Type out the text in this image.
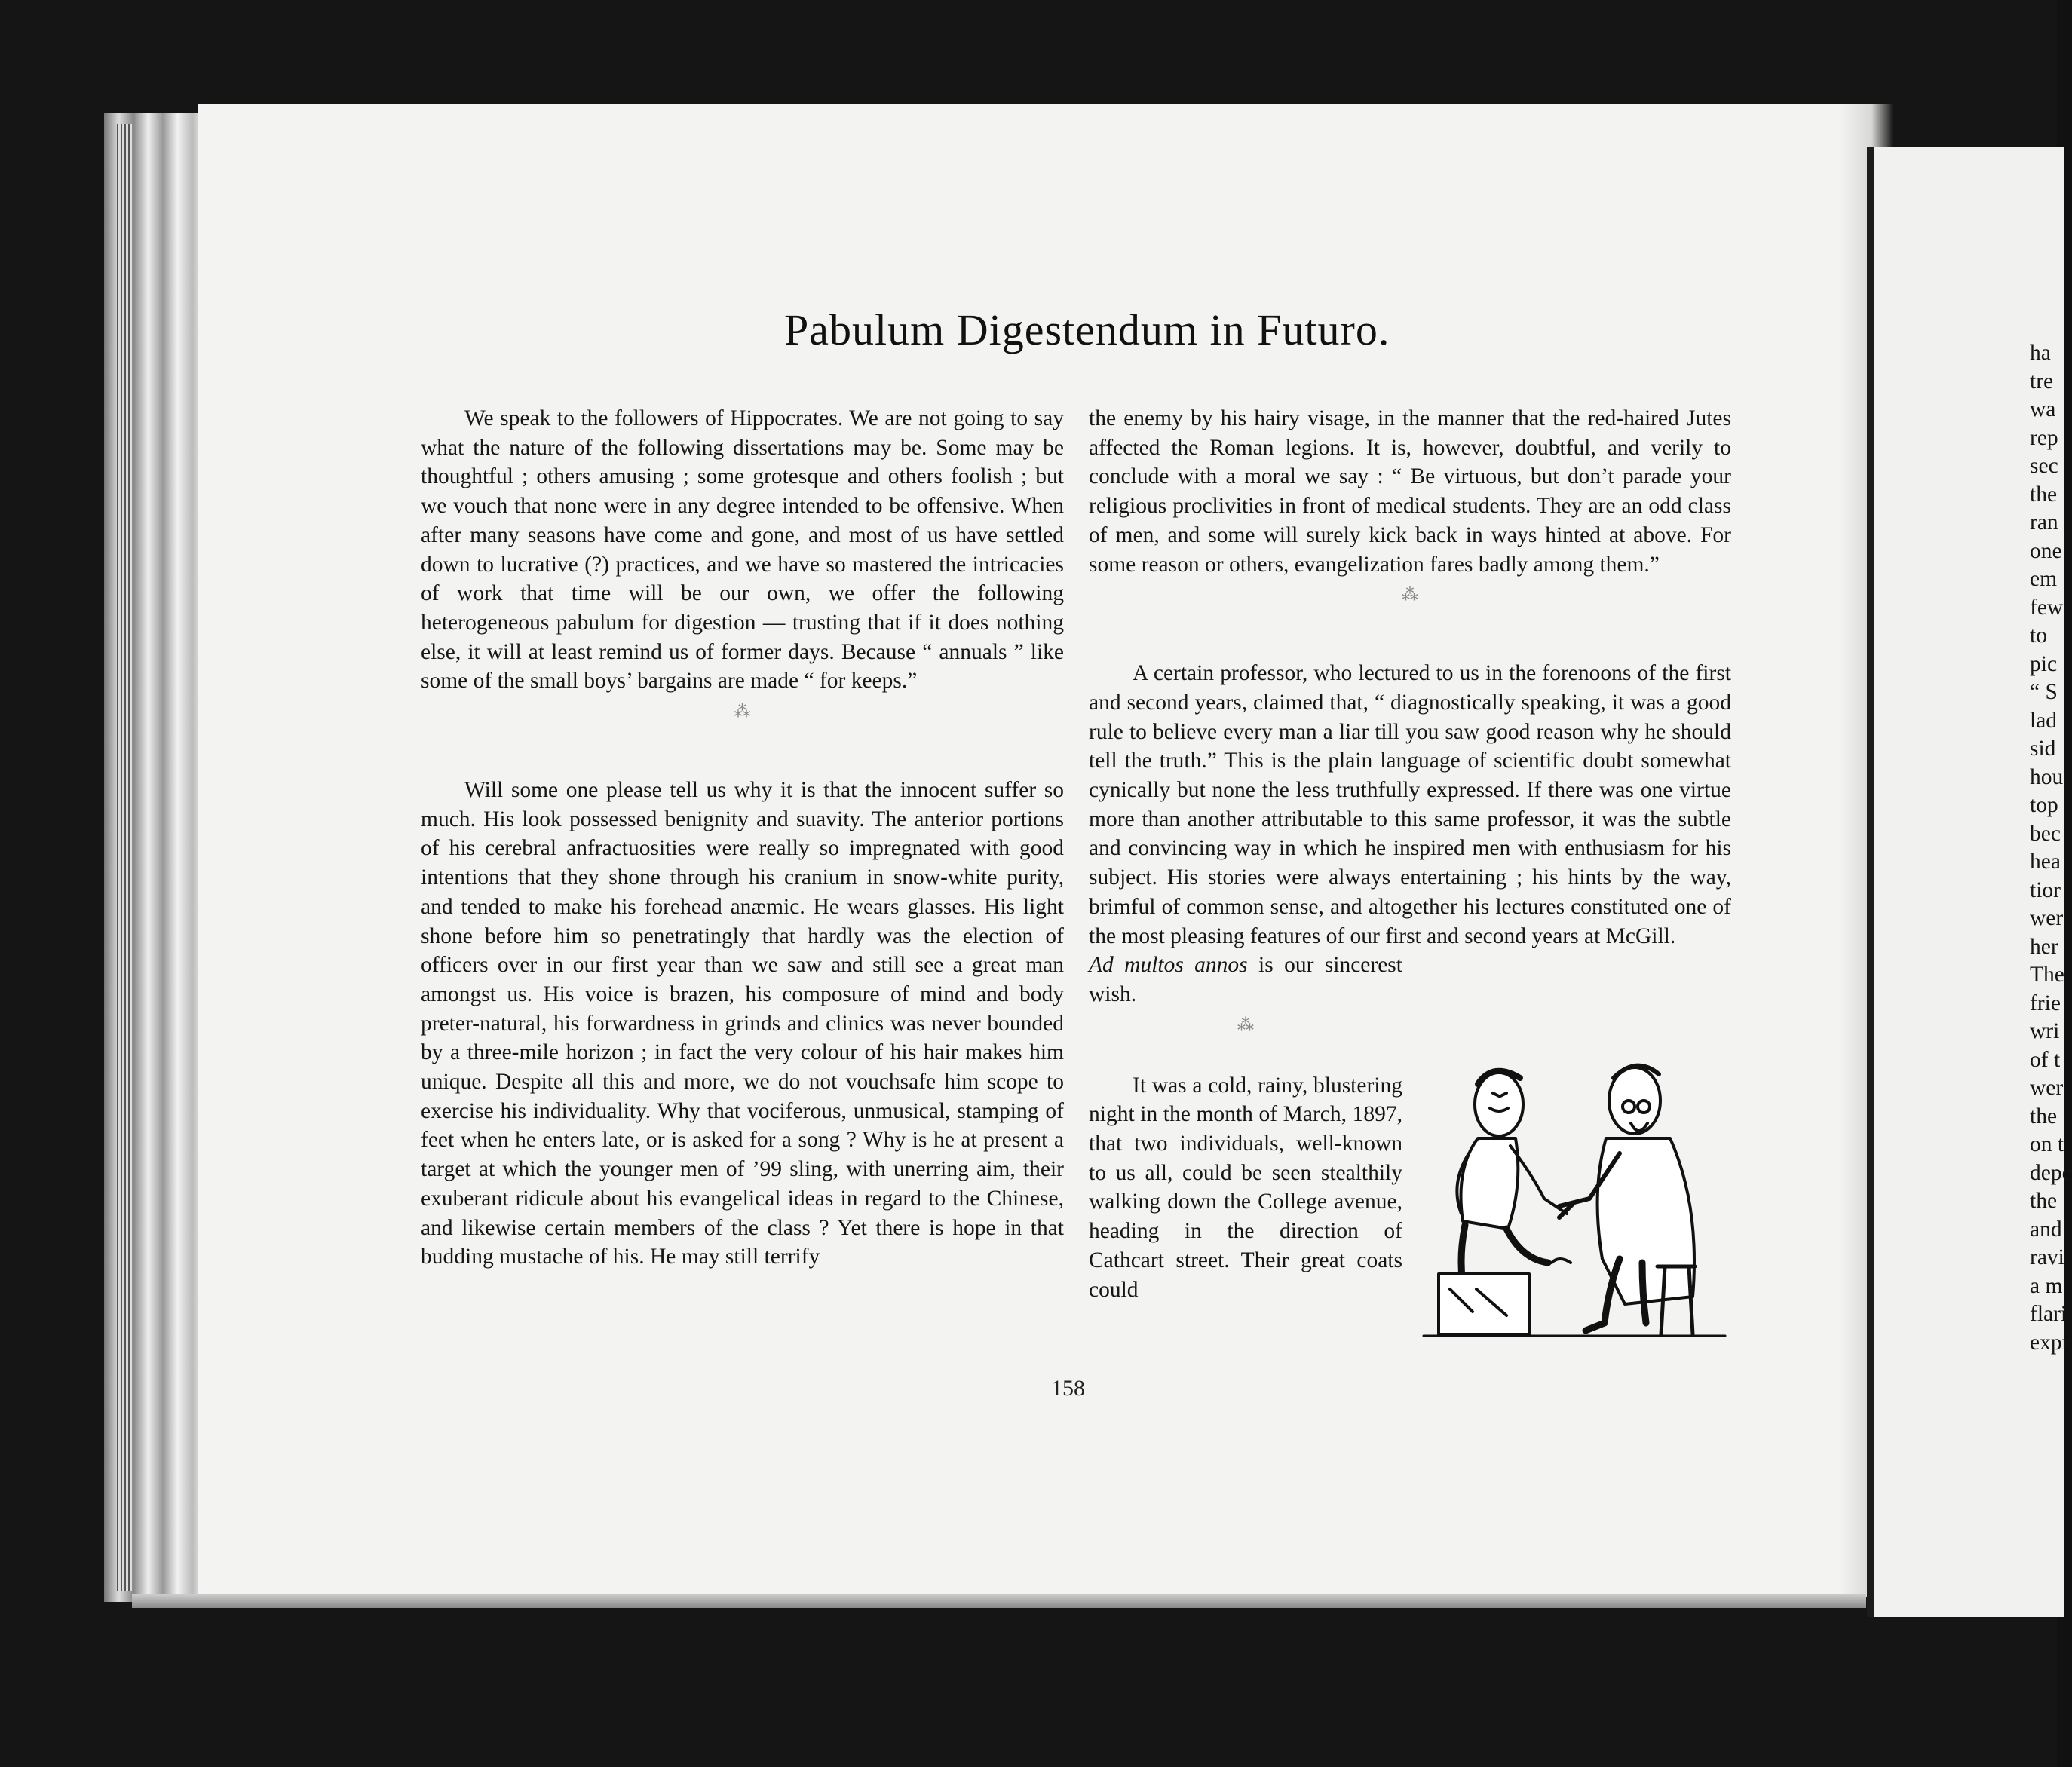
Pabulum Digestendum in Futuro.

We speak to the followers of Hippocrates. We are not going to say what the nature of the following dissertations may be. Some may be thoughtful ; others amusing ; some grotesque and others foolish ; but we vouch that none were in any degree intended to be offensive. When after many seasons have come and gone, and most of us have settled down to lucrative (?) practices, and we have so mastered the intricacies of work that time will be our own, we offer the following heterogeneous pabulum for digestion — trusting that if it does nothing else, it will at least remind us of former days. Because “ annuals ” like some of the small boys’ bargains are made “ for keeps.”

⁂

Will some one please tell us why it is that the innocent suffer so much. His look possessed benignity and suavity. The anterior portions of his cerebral anfractuosities were really so impregnated with good intentions that they shone through his cranium in snow-white purity, and tended to make his forehead anæmic. He wears glasses. His light shone before him so penetratingly that hardly was the election of officers over in our first year than we saw and still see a great man amongst us. His voice is brazen, his composure of mind and body preter-natural, his forwardness in grinds and clinics was never bounded by a three-mile horizon ; in fact the very colour of his hair makes him unique. Despite all this and more, we do not vouchsafe him scope to exercise his individuality. Why that vociferous, unmusical, stamping of feet when he enters late, or is asked for a song ? Why is he at present a target at which the younger men of ’99 sling, with unerring aim, their exuberant ridicule about his evangelical ideas in regard to the Chinese, and likewise certain members of the class ? Yet there is hope in that budding mustache of his. He may still terrify

the enemy by his hairy visage, in the manner that the red-haired Jutes affected the Roman legions. It is, however, doubtful, and verily to conclude with a moral we say : “ Be virtuous, but don’t parade your religious proclivities in front of medical students. They are an odd class of men, and some will surely kick back in ways hinted at above. For some reason or others, evangelization fares badly among them.”

⁂

A certain professor, who lectured to us in the forenoons of the first and second years, claimed that, “ diagnostically speaking, it was a good rule to believe every man a liar till you saw good reason why he should tell the truth.” This is the plain language of scientific doubt somewhat cynically but none the less truthfully expressed. If there was one virtue more than another attributable to this same professor, it was the subtle and convincing way in which he inspired men with enthusiasm for his subject. His stories were always entertaining ; his hints by the way, brimful of common sense, and altogether his lectures constituted one of the most pleasing features of our first and second years at McGill.

Ad multos annos is our sincerest wish.

⁂

It was a cold, rainy, blustering night in the month of March, 1897, that two individuals, well-known to us all, could be seen stealthily walking down the College avenue, heading in the direction of Cathcart street. Their great coats could

158
ha
tre
wa
rep
sec
the
ran
one
em
few
to
pic
“ S
lad
sid
hou
top
bec
hea
tior
wer
her
The
frie
wri
of t
wer
the
on t
depe
the
and
ravi
a m
flari
expr
